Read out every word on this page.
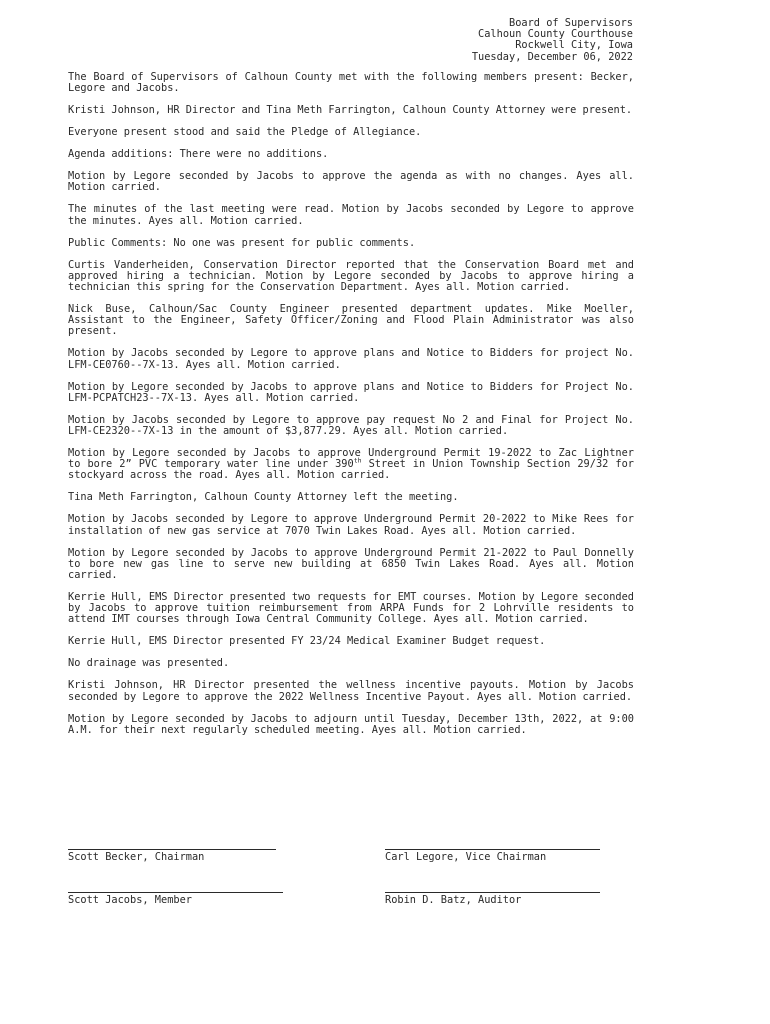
Board of Supervisors
Calhoun County Courthouse
Rockwell City, Iowa
Tuesday, December 06, 2022

The Board of Supervisors of Calhoun County met with the following members present: Becker, Legore and Jacobs.

Kristi Johnson, HR Director and Tina Meth Farrington, Calhoun County Attorney were present.

Everyone present stood and said the Pledge of Allegiance.

Agenda additions: There were no additions.

Motion by Legore seconded by Jacobs to approve the agenda as with no changes. Ayes all. Motion carried.

The minutes of the last meeting were read. Motion by Jacobs seconded by Legore to approve the minutes. Ayes all. Motion carried.

Public Comments: No one was present for public comments.

Curtis Vanderheiden, Conservation Director reported that the Conservation Board met and approved hiring a technician. Motion by Legore seconded by Jacobs to approve hiring a technician this spring for the Conservation Department. Ayes all. Motion carried.

Nick Buse, Calhoun/Sac County Engineer presented department updates. Mike Moeller, Assistant to the Engineer, Safety Officer/Zoning and Flood Plain Administrator was also present.

Motion by Jacobs seconded by Legore to approve plans and Notice to Bidders for project No. LFM-CE0760--7X-13. Ayes all. Motion carried.

Motion by Legore seconded by Jacobs to approve plans and Notice to Bidders for Project No. LFM-PCPATCH23--7X-13. Ayes all. Motion carried.

Motion by Jacobs seconded by Legore to approve pay request No 2 and Final for Project No. LFM-CE2320--7X-13 in the amount of $3,877.29. Ayes all. Motion carried.

Motion by Legore seconded by Jacobs to approve Underground Permit 19-2022 to Zac Lightner to bore 2” PVC temporary water line under 390th Street in Union Township Section 29/32 for stockyard across the road. Ayes all. Motion carried.

Tina Meth Farrington, Calhoun County Attorney left the meeting.

Motion by Jacobs seconded by Legore to approve Underground Permit 20-2022 to Mike Rees for installation of new gas service at 7070 Twin Lakes Road. Ayes all. Motion carried.

Motion by Legore seconded by Jacobs to approve Underground Permit 21-2022 to Paul Donnelly to bore new gas line to serve new building at 6850 Twin Lakes Road. Ayes all. Motion carried.

Kerrie Hull, EMS Director presented two requests for EMT courses. Motion by Legore seconded by Jacobs to approve tuition reimbursement from ARPA Funds for 2 Lohrville residents to attend IMT courses through Iowa Central Community College. Ayes all. Motion carried.

Kerrie Hull, EMS Director presented FY 23/24 Medical Examiner Budget request.

No drainage was presented.

Kristi Johnson, HR Director presented the wellness incentive payouts. Motion by Jacobs seconded by Legore to approve the 2022 Wellness Incentive Payout. Ayes all. Motion carried.

Motion by Legore seconded by Jacobs to adjourn until Tuesday, December 13th, 2022, at 9:00 A.M. for their next regularly scheduled meeting. Ayes all. Motion carried.

Scott Becker, Chairman	Carl Legore, Vice Chairman
Scott Jacobs, Member	Robin D. Batz, Auditor
